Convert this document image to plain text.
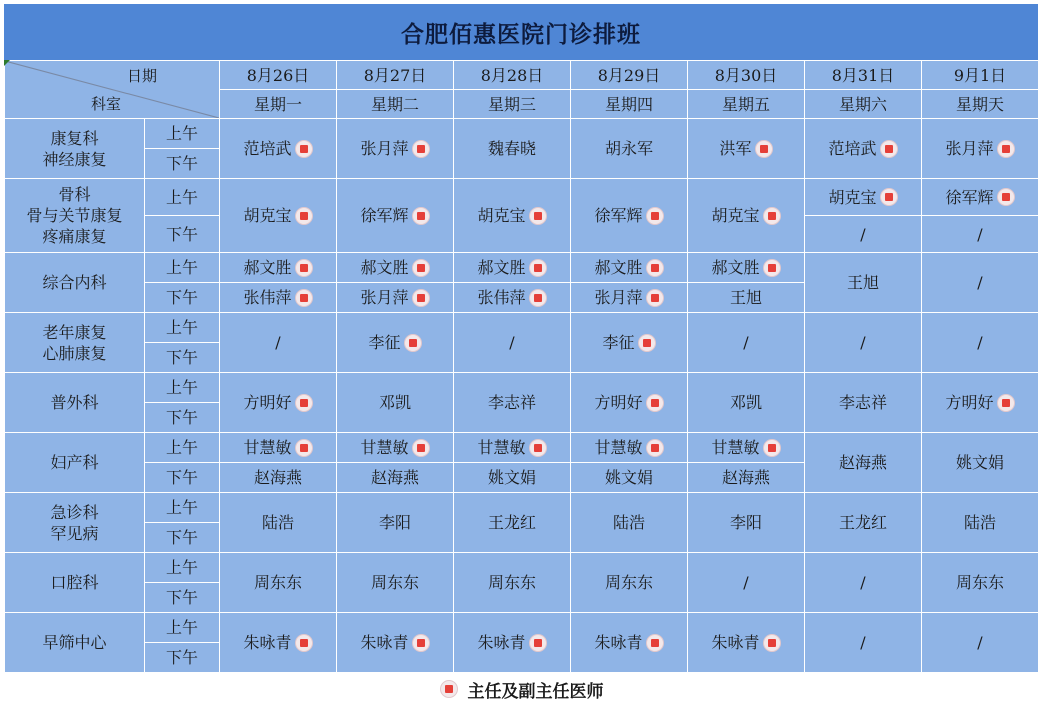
合肥佰惠医院门诊排班
日期
科室		8月26日	8月27日	8月28日	8月29日	8月30日	8月31日	9月1日
		星期一	星期二	星期三	星期四	星期五	星期六	星期天

康复科
神经康复	上午	范培武	张月萍	魏春晓	胡永军	洪军	范培武	张月萍

	下午							

骨科
骨与关节康复
疼痛康复	上午	胡克宝	徐军辉	胡克宝	徐军辉	胡克宝	胡克宝	徐军辉

	下午						/	/

综合内科	上午	郝文胜	郝文胜	郝文胜	郝文胜	郝文胜	王旭	/

	下午	张伟萍	张月萍	张伟萍	张月萍	王旭		

老年康复
心肺康复	上午	/	李征	/	李征	/	/	/

	下午							

普外科	上午	方明好	邓凯	李志祥	方明好	邓凯	李志祥	方明好

	下午							

妇产科	上午	甘慧敏	甘慧敏	甘慧敏	甘慧敏	甘慧敏	赵海燕	姚文娟

	下午	赵海燕	赵海燕	姚文娟	姚文娟	赵海燕		

急诊科
罕见病	上午	陆浩	李阳	王龙红	陆浩	李阳	王龙红	陆浩

	下午							

口腔科	上午	周东东	周东东	周东东	周东东	/	/	周东东

	下午							

早筛中心	上午	朱咏青	朱咏青	朱咏青	朱咏青	朱咏青	/	/

	下午							
主任及副主任医师
